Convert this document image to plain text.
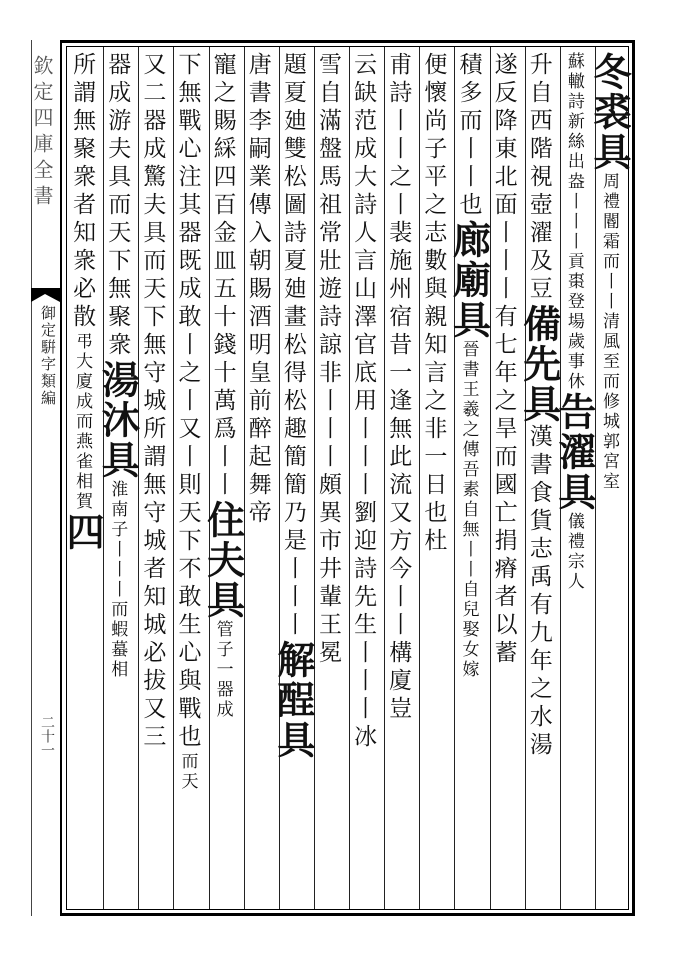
欽定四庫全書
御定騈字類編
二十一
冬裘具周禮閽霜而丨丨清風至而修城郭宮室
蘇轍詩新絲出盎丨丨丨貢棗登場歲事休告濯具儀禮宗人
升自西階視壺濯及豆備先具漢書食貨志禹有九年之水湯
遂反降東北面丨丨丨有七年之旱而國亡捐瘠者以蓄
積多而丨丨也廊廟具晉書王羲之傳吾素自無丨丨自兒娶女嫁
便懷尚子平之志數與親知言之非一日也杜
甫詩丨丨之丨裴施州宿昔一逢無此流又方今丨丨構廈豈
云缺范成大詩人言山澤官底用丨丨丨劉迎詩先生丨丨丨冰
雪自滿盤馬祖常壯遊詩諒非丨丨丨頗異市井輩王冕
題夏廸雙松圖詩夏廸畫松得松趣簡簡乃是丨丨丨解酲具
唐書李嗣業傳入朝賜酒明皇前醉起舞帝
寵之賜綵四百金皿五十錢十萬爲丨丨住夫具管子一器成
下無戰心注其器既成敢丨之丨又丨則天下不敢生心與戰也而天
又二器成驚夫具而天下無守城所謂無守城者知城必拔又三
器成游夫具而天下無聚衆湯沐具淮南子丨丨丨而蝦蟇相
所謂無聚衆者知衆必散弔大廈成而燕雀相賀四
